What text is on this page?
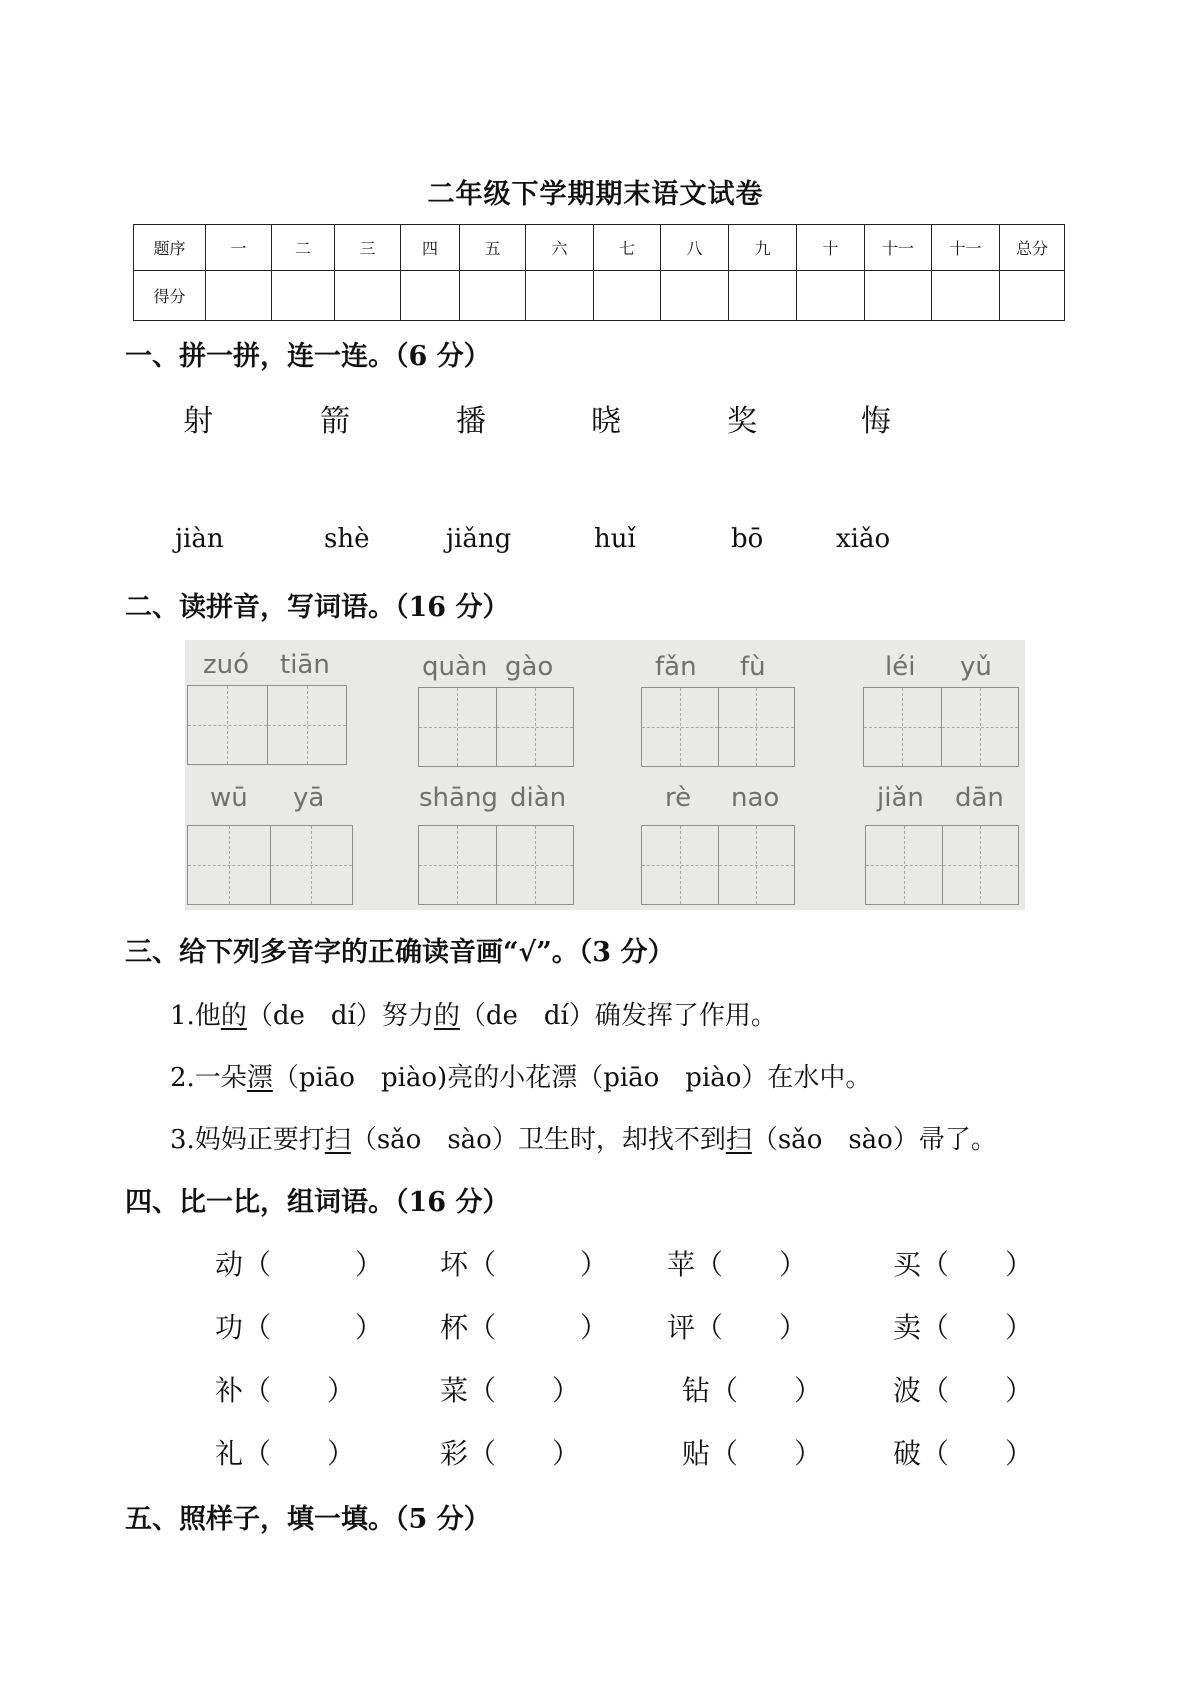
二年级下学期期末语文试卷
题序	一	二	三	四	五	六	七	八	九	十	十一	十一	总分
得分													
一、拼一拼，连一连。（6 分）
射	箭	播	晓	奖	悔
jiàn	shè	jiǎng	huǐ	bō	xiǎo
二、读拼音，写词语。（16 分）
zuó tiān	quàn gào	fǎn fù	léi yǔ
wū yā	shāng diàn	rè nao	jiǎn dān
三、给下列多音字的正确读音画“√”。（3 分）
1.他的（de　dí）努力的（de　dí）确发挥了作用。
2.一朵漂（piāo　piào)亮的小花漂（piāo　piào）在水中。
3.妈妈正要打扫（sǎo　sào）卫生时，却找不到扫（sǎo　sào）帚了。
四、比一比，组词语。（16 分）
动（　　　） 坏（　　　） 苹（　　）	买（　　）
功（　　　） 杯（　　　） 评（　　）	卖（　　）
补（　　）	菜（　　）	钻（　　）	波（　　）
礼（　　）	彩（　　）	贴（　　）	破（　　）
五、照样子，填一填。（5 分）
